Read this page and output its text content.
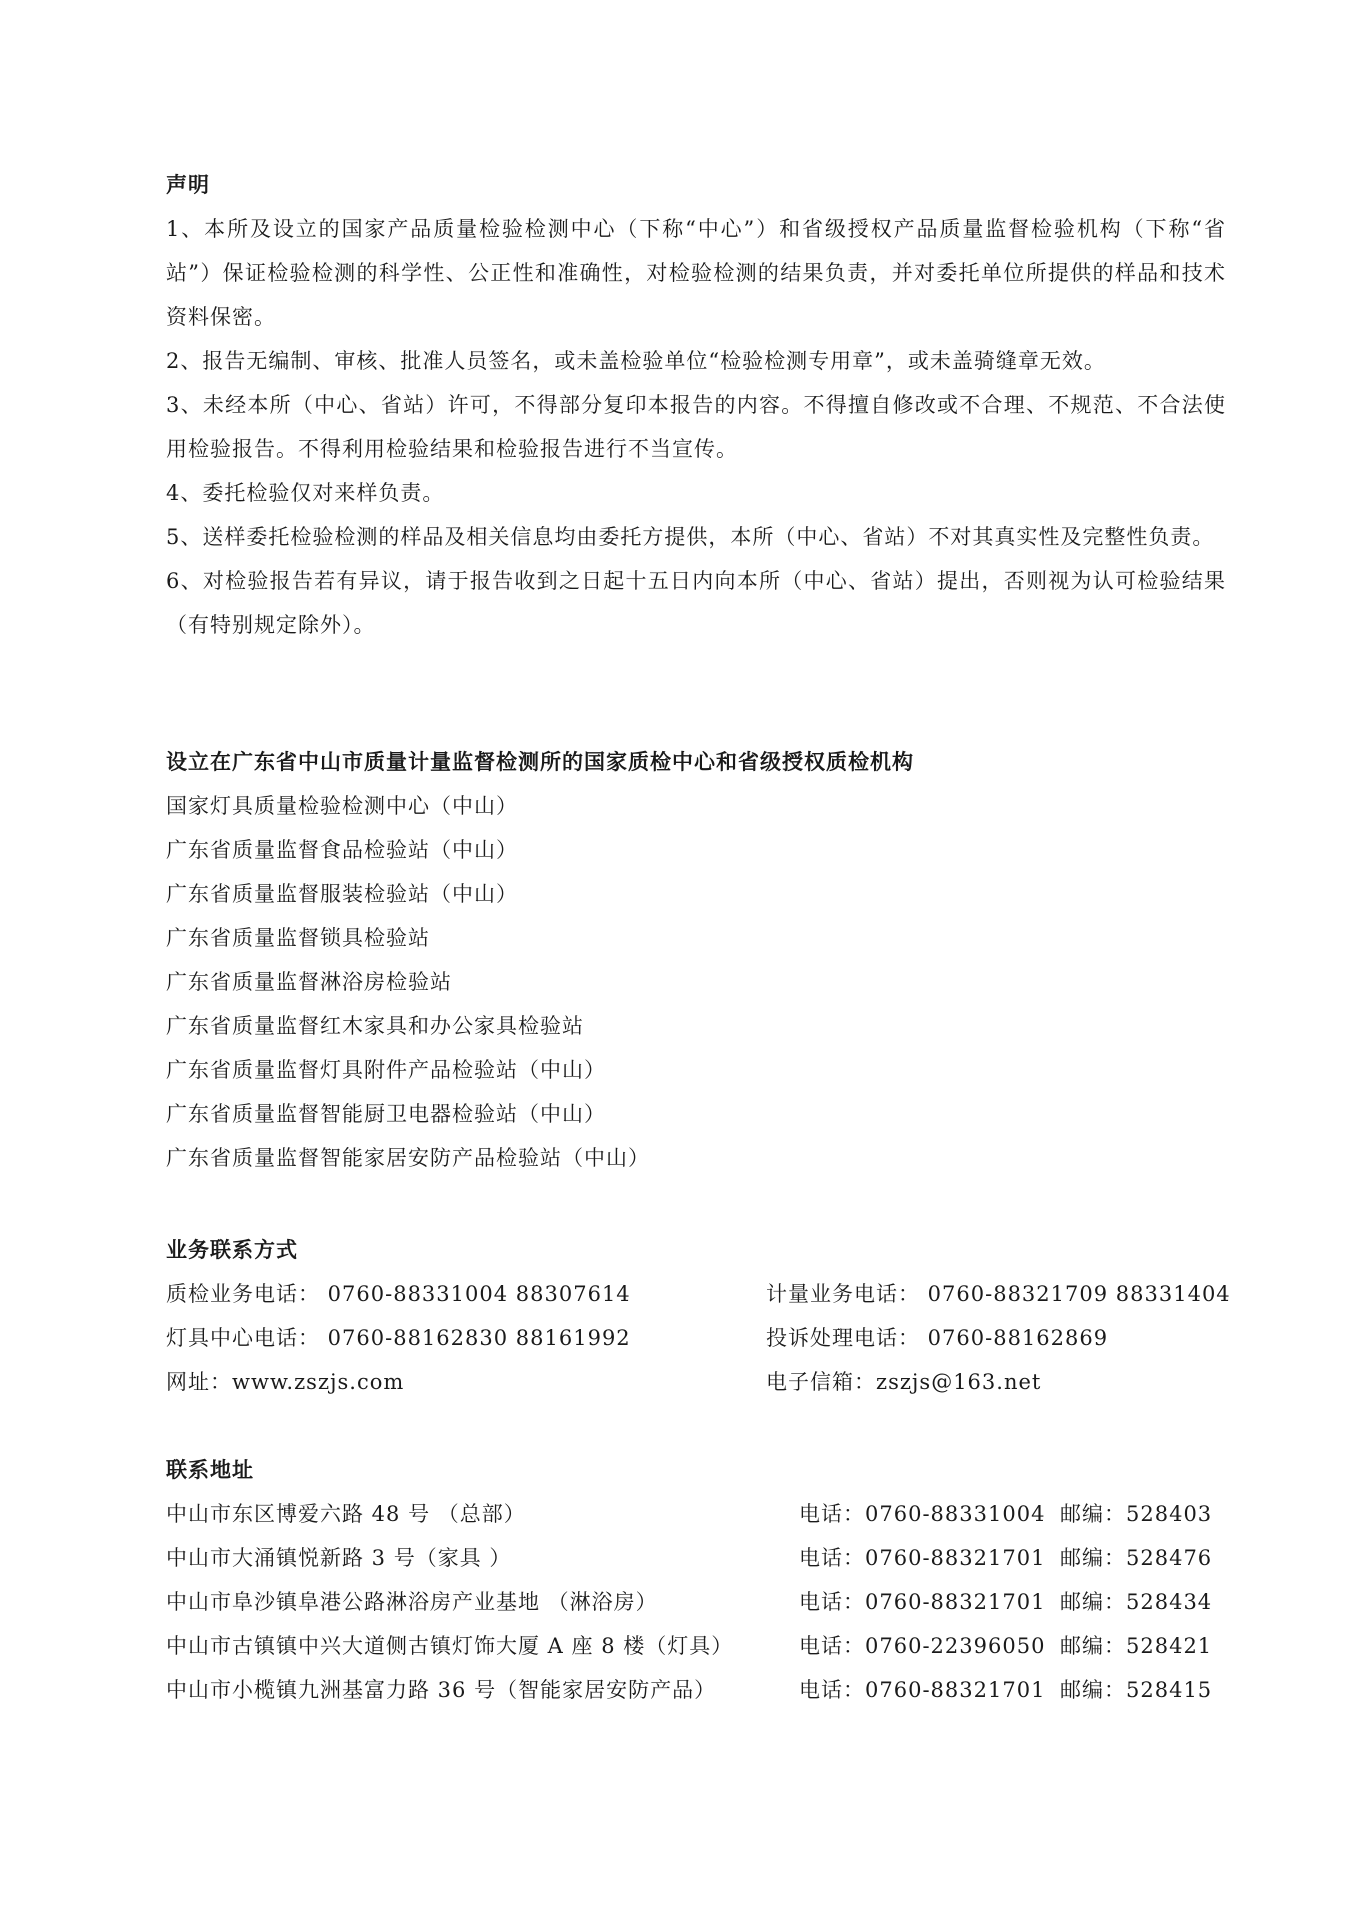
声明
1、本所及设立的国家产品质量检验检测中心（下称“中心”）和省级授权产品质量监督检验机构（下称“省站”）保证检验检测的科学性、公正性和准确性，对检验检测的结果负责，并对委托单位所提供的样品和技术资料保密。
2、报告无编制、审核、批准人员签名，或未盖检验单位“检验检测专用章”，或未盖骑缝章无效。
3、未经本所（中心、省站）许可，不得部分复印本报告的内容。不得擅自修改或不合理、不规范、不合法使用检验报告。不得利用检验结果和检验报告进行不当宣传。
4、委托检验仅对来样负责。
5、送样委托检验检测的样品及相关信息均由委托方提供，本所（中心、省站）不对其真实性及完整性负责。
6、对检验报告若有异议，请于报告收到之日起十五日内向本所（中心、省站）提出，否则视为认可检验结果（有特别规定除外）。
设立在广东省中山市质量计量监督检测所的国家质检中心和省级授权质检机构
国家灯具质量检验检测中心（中山）
广东省质量监督食品检验站（中山）
广东省质量监督服装检验站（中山）
广东省质量监督锁具检验站
广东省质量监督淋浴房检验站
广东省质量监督红木家具和办公家具检验站
广东省质量监督灯具附件产品检验站（中山）
广东省质量监督智能厨卫电器检验站（中山）
广东省质量监督智能家居安防产品检验站（中山）
业务联系方式
质检业务电话： 0760-88331004 88307614	计量业务电话： 0760-88321709 88331404
灯具中心电话： 0760-88162830 88161992	投诉处理电话： 0760-88162869
网址：www.zszjs.com	电子信箱：zszjs@163.net
联系地址
中山市东区博爱六路 48 号 （总部）	电话：0760-88331004 邮编：528403
中山市大涌镇悦新路 3 号（家具 ）	电话：0760-88321701 邮编：528476
中山市阜沙镇阜港公路淋浴房产业基地 （淋浴房）	电话：0760-88321701 邮编：528434
中山市古镇镇中兴大道侧古镇灯饰大厦 A 座 8 楼（灯具）	电话：0760-22396050 邮编：528421
中山市小榄镇九洲基富力路 36 号（智能家居安防产品）	电话：0760-88321701 邮编：528415
